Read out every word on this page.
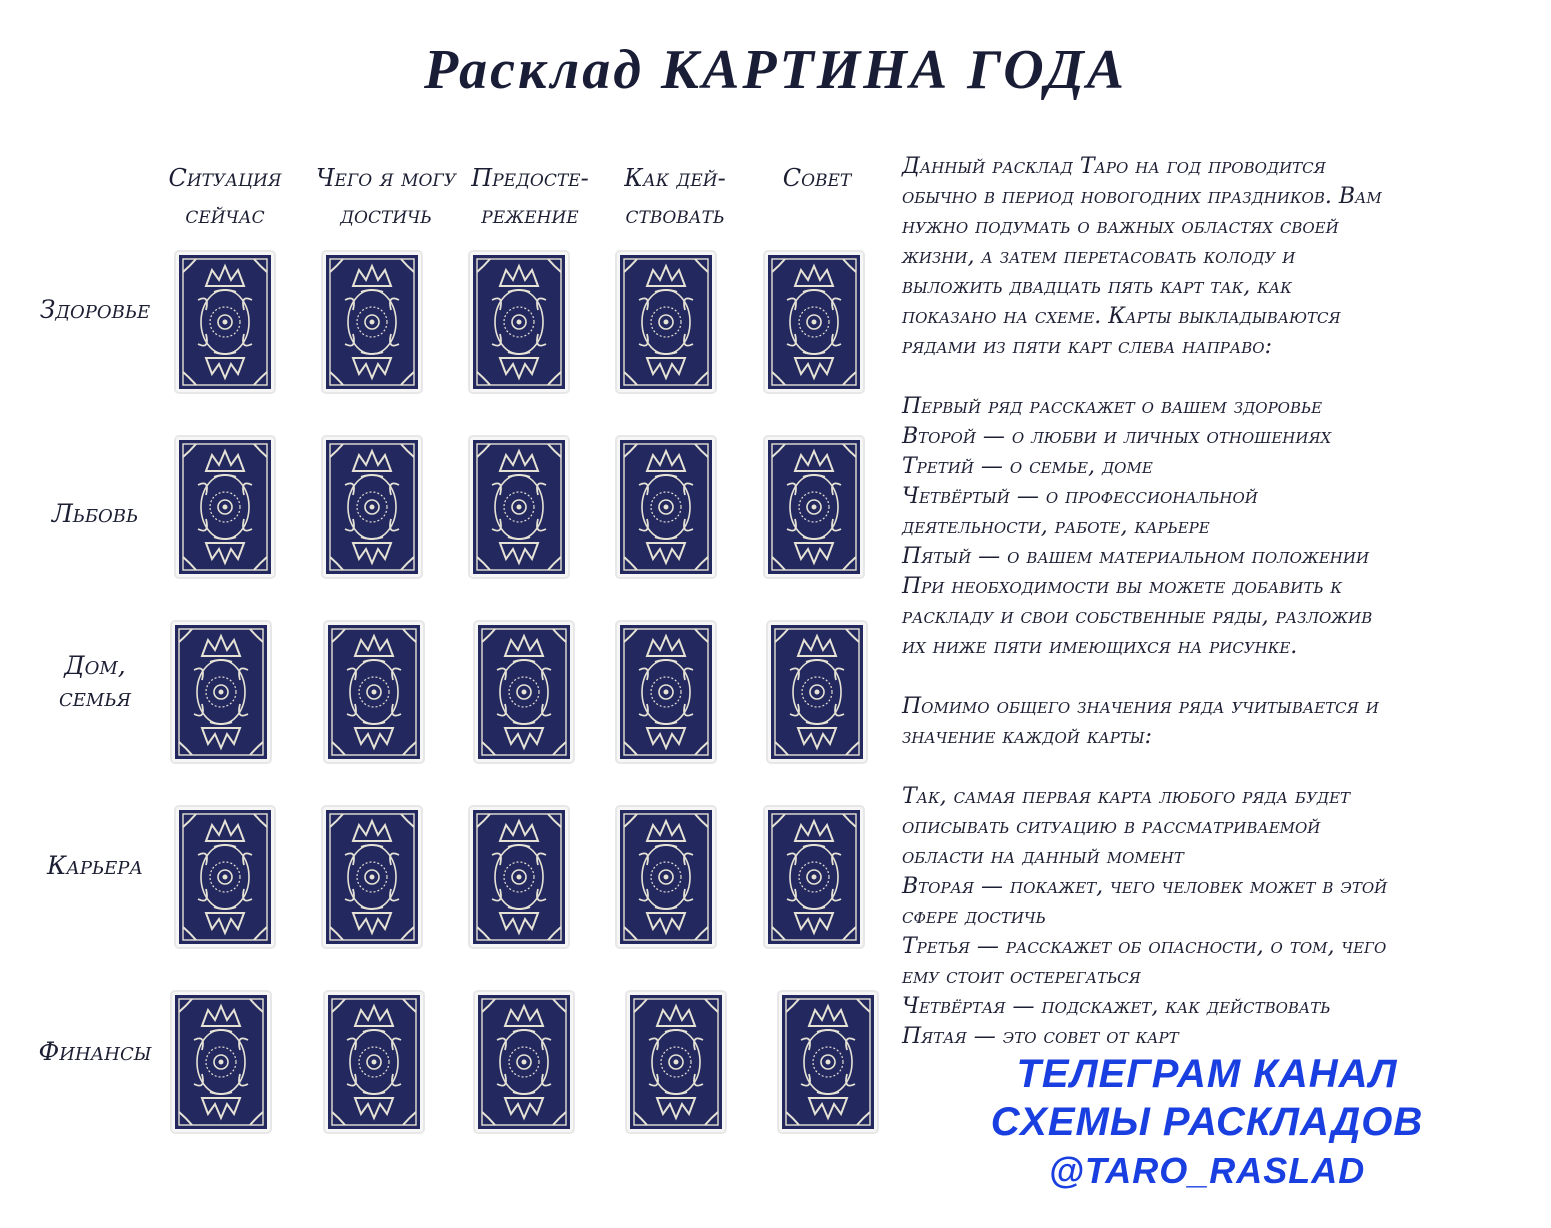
Расклад КАРТИНА ГОДА
Ситуация
сейчас
Чего я могу
достичь
Предосте-
режение
Как дей-
ствовать
Совет
Здоровье
Льбовь
Дом,
семья
Карьера
Финансы

Данный расклад Таро на год проводится

обычно в период новогодних праздников. Вам

нужно подумать о важных областях своей

жизни, а затем перетасовать колоду и

выложить двадцать пять карт так, как

показано на схеме. Карты выкладываются

рядами из пяти карт слева направо:

Первый ряд расскажет о вашем здоровье

Второй — о любви и личных отношениях

Третий — о семье, доме

Четвёртый — о профессиональной

деятельности, работе, карьере

Пятый — о вашем материальном положении

При необходимости вы можете добавить к

раскладу и свои собственные ряды, разложив

их ниже пяти имеющихся на рисунке.

Помимо общего значения ряда учитывается и

значение каждой карты:

Так, самая первая карта любого ряда будет

описывать ситуацию в рассматриваемой

области на данный момент

Вторая — покажет, чего человек может в этой

сфере достичь

Третья — расскажет об опасности, о том, чего

ему стоит остерегаться

Четвёртая — подскажет, как действовать

Пятая — это совет от карт

ТЕЛЕГРАМ КАНАЛ
СХЕМЫ РАСКЛАДОВ
@TARO_RASLAD
